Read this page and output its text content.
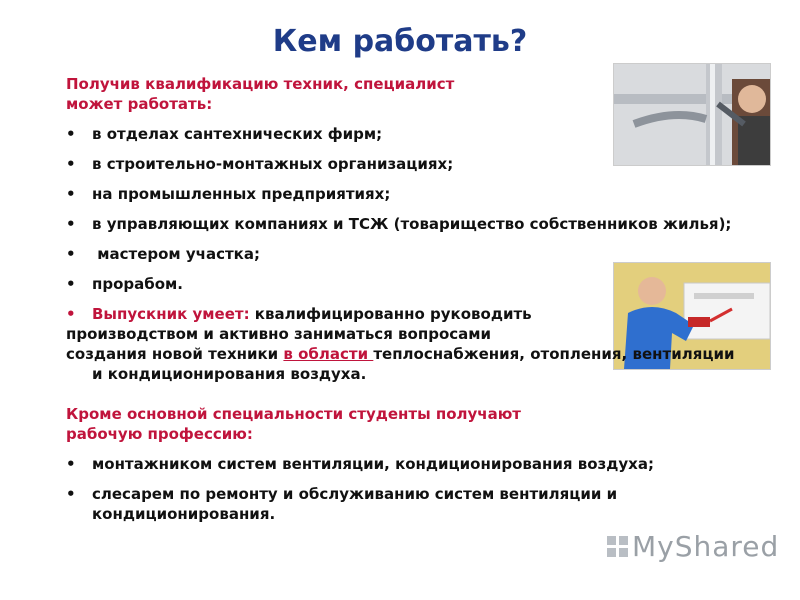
Кем работать?

Получив квалификацию техник, специалист

может работать:

• в отделах сантехнических фирм;
• в строительно-монтажных организациях;
• на промышленных предприятиях;
• в управляющих компаниях и ТСЖ (товарищество собственников жилья);
•  мастером участка;
• прорабом.
• Выпускник умеет: квалифицированно руководить

производством и активно заниматься вопросами

создания новой техники в области теплоснабжения, отопления, вентиляции и кондиционирования воздуха.

Кроме основной специальности студенты получают

рабочую профессию:

• монтажником систем вентиляции, кондиционирования воздуха;
• слесарем по ремонту и обслуживанию систем вентиляции и кондиционирования.
MyShared
